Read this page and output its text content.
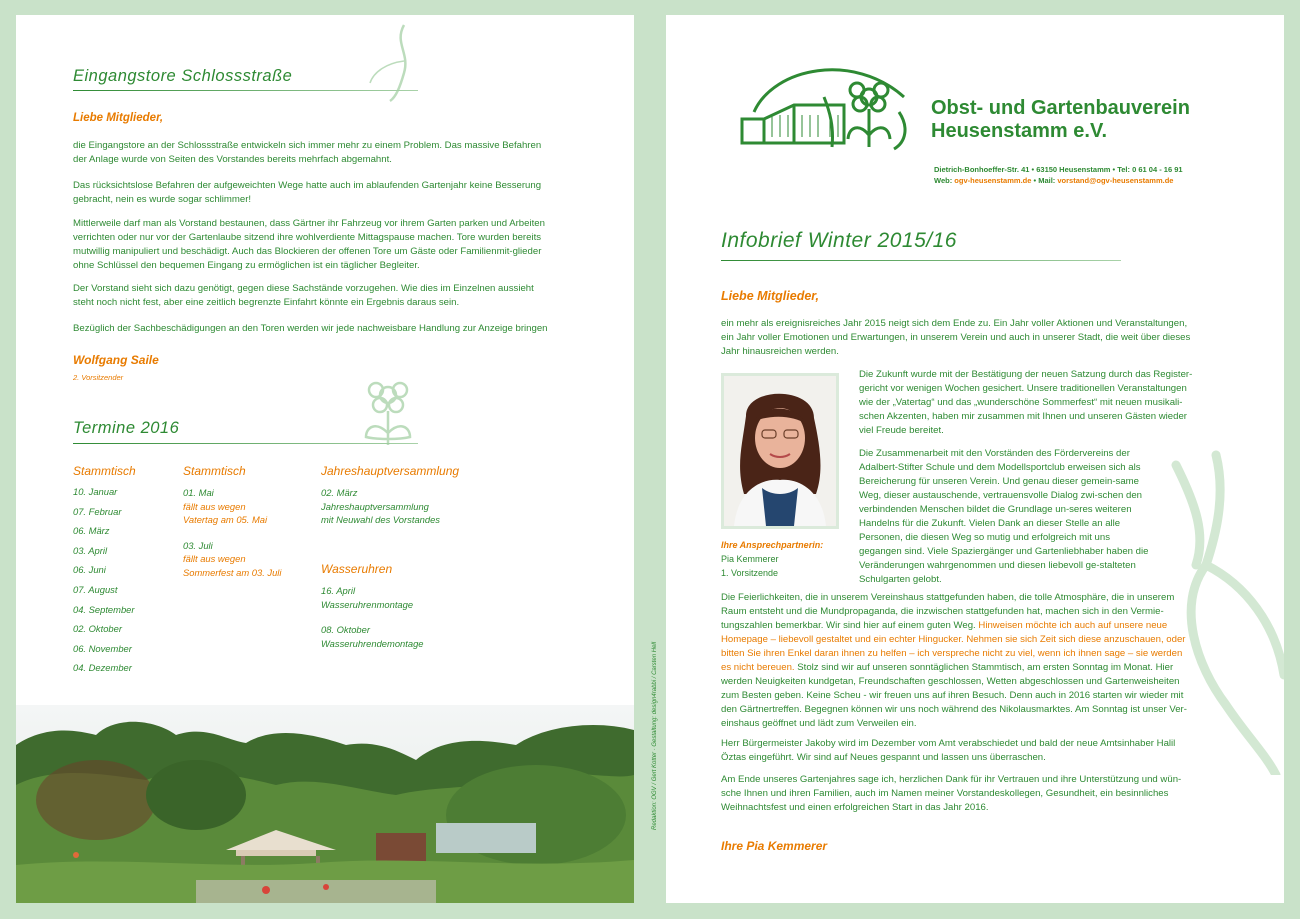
Eingangstore Schlossstraße
Liebe Mitglieder,
die Eingangstore an der Schlossstraße entwickeln sich immer mehr zu einem Problem. Das massive Befahren der Anlage wurde von Seiten des Vorstandes bereits mehrfach abgemahnt.
Das rücksichtslose Befahren der aufgeweichten Wege hatte auch im ablaufenden Gartenjahr keine Besserung gebracht, nein es wurde sogar schlimmer!
Mittlerweile darf man als Vorstand bestaunen, dass Gärtner ihr Fahrzeug vor ihrem Garten parken und Arbeiten verrichten oder nur vor der Gartenlaube sitzend ihre wohlverdiente Mittagspause machen. Tore wurden bereits mutwillig manipuliert und beschädigt. Auch das Blockieren der offenen Tore um Gäste oder Familienmit-glieder ohne Schlüssel den bequemen Eingang zu ermöglichen ist ein täglicher Begleiter.
Der Vorstand sieht sich dazu genötigt, gegen diese Sachstände vorzugehen. Wie dies im Einzelnen aussieht steht noch nicht fest, aber eine zeitlich begrenzte Einfahrt könnte ein Ergebnis daraus sein.
Bezüglich der Sachbeschädigungen an den Toren werden wir jede nachweisbare Handlung zur Anzeige bringen
Wolfgang Saile
2. Vorsitzender
Termine 2016
Stammtisch
10. Januar
07. Februar
06. März
03. April
06. Juni
07. August
04. September
02. Oktober
06. November
04. Dezember
Stammtisch
01. Mai
fällt aus wegen
Vatertag am 05. Mai
03. Juli
fällt aus wegen
Sommerfest am 03. Juli
Jahreshauptversammlung
02. März
Jahreshauptversammlung
mit Neuwahl des Vorstandes
Wasseruhren
16. April
Wasseruhrenmontage
08. Oktober
Wasseruhrendemontage	Redaktion: OGV / Gert Kotter · Gestaltung: design4rabbi / Carsten Hell
Obst- und Gartenbauverein
Heusenstamm e.V.
Dietrich-Bonhoeffer-Str. 41 • 63150 Heusenstamm • Tel: 0 61 04 - 16 91
Web: ogv-heusenstamm.de • Mail: vorstand@ogv-heusenstamm.de
Infobrief Winter 2015/16
Liebe Mitglieder,
ein mehr als ereignisreiches Jahr 2015 neigt sich dem Ende zu. Ein Jahr voller Aktionen und Veranstaltungen, ein Jahr voller Emotionen und Erwartungen, in unserem Verein und auch in unserer Stadt, die weit über dieses Jahr hinausreichen werden.
Die Zukunft wurde mit der Bestätigung der neuen Satzung durch das Register-gericht vor wenigen Wochen gesichert. Unsere traditionellen Veranstaltungen wie der „Vatertag“ und das „wunderschöne Sommerfest“ mit neuen musikali-schen Akzenten, haben mir zusammen mit Ihnen und unseren Gästen wieder viel Freude bereitet.
Die Zusammenarbeit mit den Vorständen des Fördervereins der Adalbert-Stifter Schule und dem Modellsportclub erweisen sich als Bereicherung für unseren Verein. Und genau dieser gemein-same Weg, dieser austauschende, vertrauensvolle Dialog zwi-schen den verbindenden Menschen bildet die Grundlage un-seres weiteren Handelns für die Zukunft. Vielen Dank an dieser Stelle an alle Personen, die diesen Weg so mutig und erfolgreich mit uns gegangen sind. Viele Spaziergänger und Gartenliebhaber haben die Veränderungen wahrgenommen und diesen liebevoll ge-stalteten Schulgarten gelobt.
Ihre Ansprechpartnerin:
Pia Kemmerer
1. Vorsitzende
Die Feierlichkeiten, die in unserem Vereinshaus stattgefunden haben, die tolle Atmosphäre, die in unserem Raum entsteht und die Mundpropaganda, die inzwischen stattgefunden hat, machen sich in den Vermie-tungszahlen bemerkbar. Wir sind hier auf einem guten Weg. Hinweisen möchte ich auch auf unsere neue Homepage – liebevoll gestaltet und ein echter Hingucker. Nehmen sie sich Zeit sich diese anzuschauen, oder bitten Sie ihren Enkel daran ihnen zu helfen – ich verspreche nicht zu viel, wenn ich ihnen sage – sie werden es nicht bereuen. Stolz sind wir auf unseren sonntäglichen Stammtisch, am ersten Sonntag im Monat. Hier werden Neuigkeiten kundgetan, Freundschaften geschlossen, Wetten abgeschlossen und Gartenweisheiten zum Besten geben. Keine Scheu - wir freuen uns auf ihren Besuch. Denn auch in 2016 starten wir wieder mit den Gärtnertreffen. Begegnen können wir uns noch während des Nikolausmarktes. Am Sonntag ist unser Ver-einshaus geöffnet und lädt zum Verweilen ein.
Herr Bürgermeister Jakoby wird im Dezember vom Amt verabschiedet und bald der neue Amtsinhaber Halil Öztas eingeführt. Wir sind auf Neues gespannt und lassen uns überraschen.
Am Ende unseres Gartenjahres sage ich, herzlichen Dank für ihr Vertrauen und ihre Unterstützung und wün-sche Ihnen und ihren Familien, auch im Namen meiner Vorstandeskollegen, Gesundheit, ein besinnliches Weihnachtsfest und einen erfolgreichen Start in das Jahr 2016.
Ihre Pia Kemmerer
